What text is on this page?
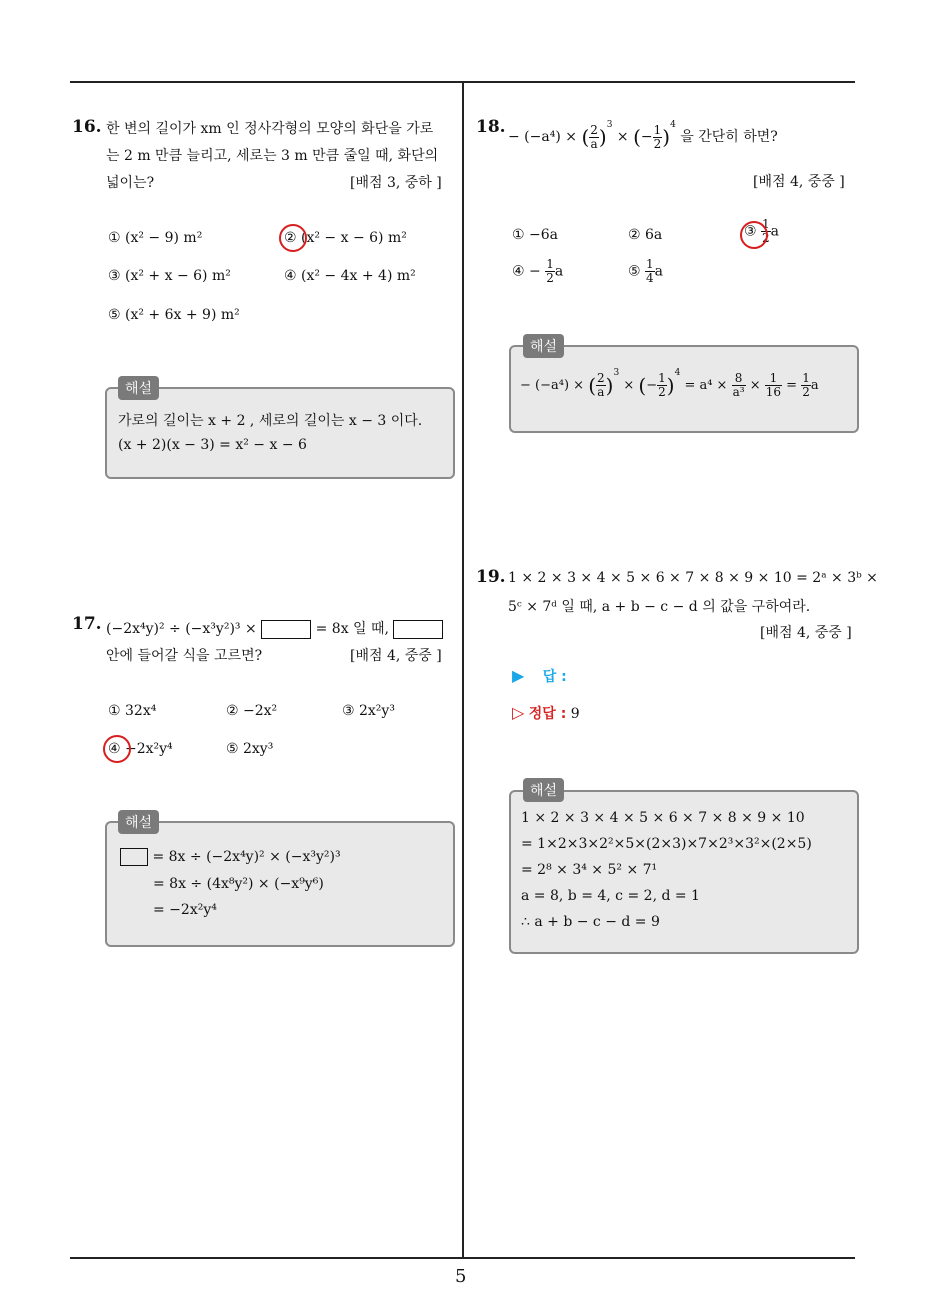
5
16. 한 변의 길이가 xm 인 정사각형의 모양의 화단을 가로
는 2 m 만큼 늘리고, 세로는 3 m 만큼 줄일 때, 화단의
넓이는?	[배점 3, 중하 ]
① (x² − 9) m²	② (x² − x − 6) m²
③ (x² + x − 6) m²	④ (x² − 4x + 4) m²
⑤ (x² + 6x + 9) m²
해설
가로의 길이는 x + 2 , 세로의 길이는 x − 3 이다.
(x + 2)(x − 3) = x² − x − 6
17. (−2x⁴y)² ÷ (−x³y²)³ ×	= 8x 일 때,
안에 들어갈 식을 고르면?	[배점 4, 중중 ]
① 32x⁴	② −2x²	③ 2x²y³
④ −2x²y⁴	⑤ 2xy³
해설
= 8x ÷ (−2x⁴y)² × (−x³y²)³
= 8x ÷ (4x⁸y²) × (−x⁹y⁶)
= −2x²y⁴
18. − (−a⁴) × ( $\frac{2}{a} )^3$ × (− $\frac{1}{2} )^4$ 을 간단히 하면?
[배점 4, 중중 ]
① −6a	② 6a	③ $\frac{1}{2}$ a
④ − $\frac{1}{2}$ a	⑤ $\frac{1}{4}$ a
해설
− (−a⁴) × ( $\frac{2}{a} )^3$ × (− $\frac{1}{2} )^4 = a^4 \times \frac{8}{\text{a³}} \times \frac{1}{16} = \frac{1}{2}$ a
19. 1 × 2 × 3 × 4 × 5 × 6 × 7 × 8 × 9 × 10 = 2ᵃ × 3ᵇ ×
5ᶜ × 7ᵈ 일 때, a + b − c − d 의 값을 구하여라.
[배점 4, 중중 ]
▶ 답 :
▷ 정답 : 9
해설
1 × 2 × 3 × 4 × 5 × 6 × 7 × 8 × 9 × 10
= 1×2×3×2²×5×(2×3)×7×2³×3²×(2×5)
= 2⁸ × 3⁴ × 5² × 7¹
a = 8, b = 4, c = 2, d = 1
∴ a + b − c − d = 9
